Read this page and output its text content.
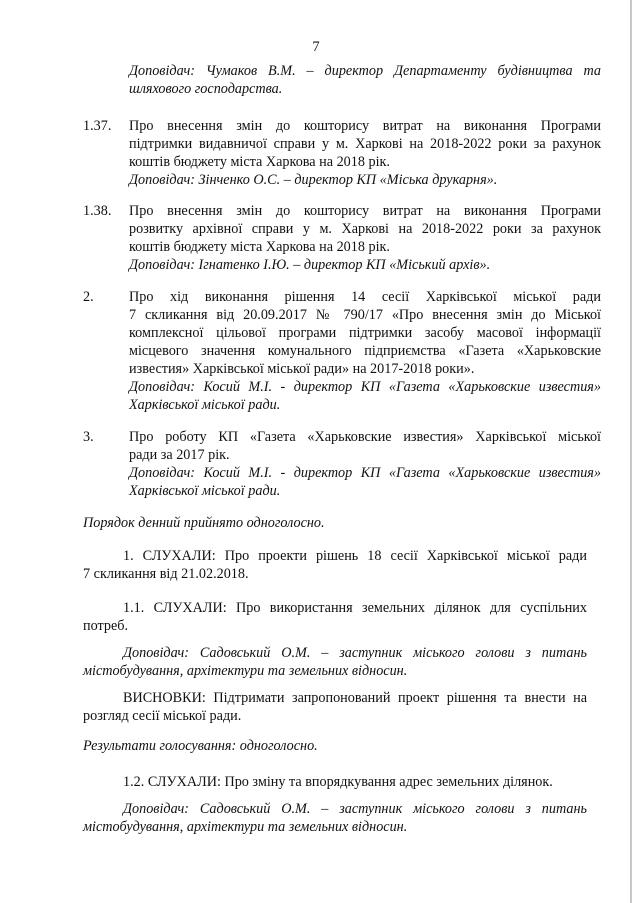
7
Доповідач: Чумаков В.М. – директор Департаменту будівництва та
шляхового господарства.
1.37. Про внесення змін до кошторису витрат на виконання Програми
підтримки видавничої справи у м. Харкові на 2018-2022 роки за рахунок
коштів бюджету міста Харкова на 2018 рік.
Доповідач: Зінченко О.С. – директор КП «Міська друкарня».
1.38. Про внесення змін до кошторису витрат на виконання Програми
розвитку архівної справи у м. Харкові на 2018-2022 роки за рахунок
коштів бюджету міста Харкова на 2018 рік.
Доповідач: Ігнатенко І.Ю. – директор КП «Міський архів».
2. Про хід виконання рішення 14 сесії Харківської міської ради
7 скликання від 20.09.2017 № 790/17 «Про внесення змін до Міської
комплексної цільової програми підтримки засобу масової інформації
місцевого значення комунального підприємства «Газета «Харьковские
известия» Харківської міської ради» на 2017-2018 роки».
Доповідач: Косий М.І. - директор КП «Газета «Харьковские известия»
Харківської міської ради.
3. Про роботу КП «Газета «Харьковские известия» Харківської міської
ради за 2017 рік.
Доповідач: Косий М.І. - директор КП «Газета «Харьковские известия»
Харківської міської ради.
Порядок денний прийнято одноголосно.
1. СЛУХАЛИ: Про проекти рішень 18 сесії Харківської міської ради
7 скликання від 21.02.2018.
1.1. СЛУХАЛИ: Про використання земельних ділянок для суспільних
потреб.
Доповідач: Садовський О.М. – заступник міського голови з питань
містобудування, архітектури та земельних відносин.
ВИСНОВКИ: Підтримати запропонований проект рішення та внести на
розгляд сесії міської ради.
Результати голосування: одноголосно.
1.2. СЛУХАЛИ: Про зміну та впорядкування адрес земельних ділянок.
Доповідач: Садовський О.М. – заступник міського голови з питань
містобудування, архітектури та земельних відносин.
